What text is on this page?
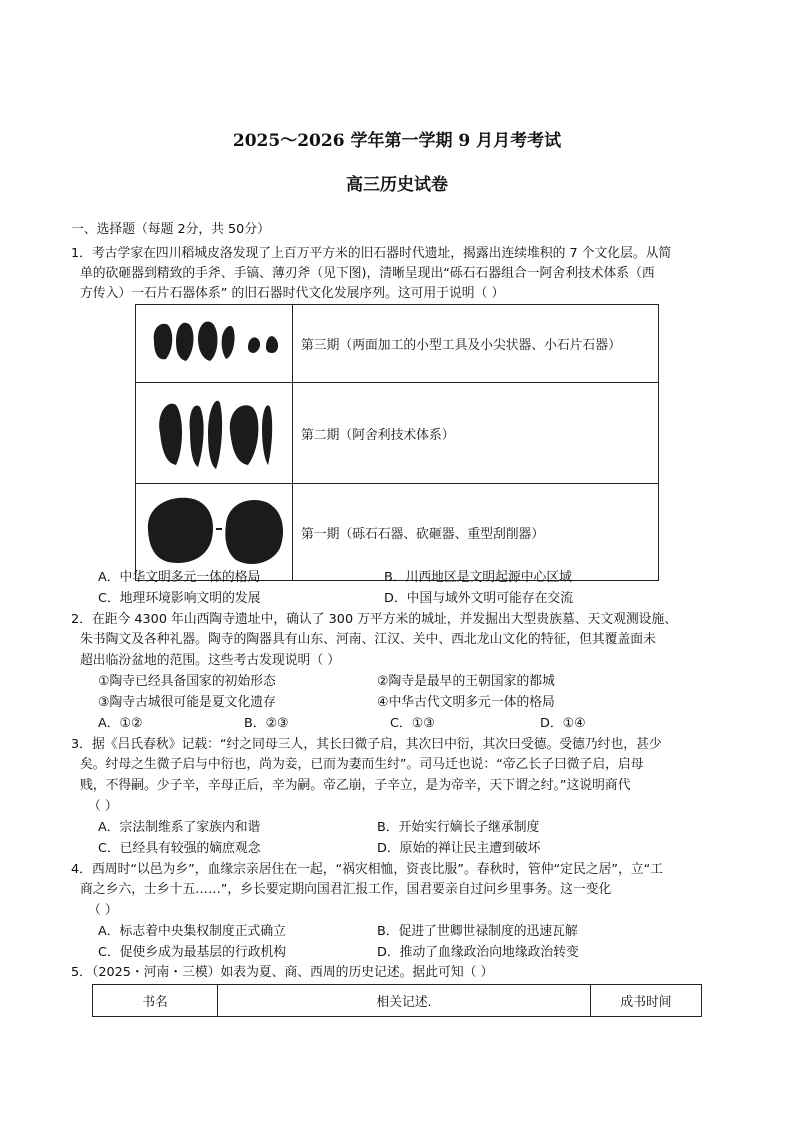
2025～2026 学年第一学期 9 月月考考试
高三历史试卷
一、选择题（每题 2分，共 50分）
1．考古学家在四川稻城皮洛发现了上百万平方米的旧石器时代遗址，揭露出连续堆积的 7 个文化层。从简
单的砍砸器到精致的手斧、手镐、薄刃斧（见下图)，清晰呈现出“砾石石器组合一阿舍利技术体系（西
方传入）一石片石器体系” 的旧石器时代文化发展序列。这可用于说明（ ）
	第三期（两面加工的小型工具及小尖状器、小石片石器）
	第二期（阿舍利技术体系）
	第一期（砾石石器、砍砸器、重型刮削器）
A．中华文明多元一体的格局	B．川西地区是文明起源中心区域
C．地理环境影响文明的发展	D．中国与域外文明可能存在交流
2．在距今 4300 年山西陶寺遗址中，确认了 300 万平方米的城址，并发掘出大型贵族墓、天文观测设施、
朱书陶文及各种礼器。陶寺的陶器具有山东、河南、江汉、关中、西北龙山文化的特征，但其覆盖面未
超出临汾盆地的范围。这些考古发现说明（ ）
①陶寺已经具备国家的初始形态	②陶寺是最早的王朝国家的都城
③陶寺古城很可能是夏文化遗存	④中华古代文明多元一体的格局
A．①②	B．②③	C．①③	D．①④
3．据《吕氏春秋》记载：“纣之同母三人，其长曰微子启，其次曰中衍，其次曰受德。受德乃纣也，甚少
矣。纣母之生微子启与中衍也，尚为妾，已而为妻而生纣”。司马迁也说：“帝乙长子曰微子启，启母
贱，不得嗣。少子辛，辛母正后，辛为嗣。帝乙崩，子辛立，是为帝辛，天下谓之纣。”这说明商代
（ ）
A．宗法制维系了家族内和谐	B．开始实行嫡长子继承制度
C．已经具有较强的嫡庶观念	D．原始的禅让民主遭到破坏
4．西周时“以邑为乡”，血缘宗亲居住在一起，“祸灾相恤，资丧比服”。春秋时，管仲“定民之居”，立“工
商之乡六，士乡十五……”，乡长要定期向国君汇报工作，国君要亲自过问乡里事务。这一变化
（ ）
A．标志着中央集权制度正式确立	B．促进了世卿世禄制度的迅速瓦解
C．促使乡成为最基层的行政机构	D．推动了血缘政治向地缘政治转变
5．（2025・河南・三模）如表为夏、商、西周的历史记述。据此可知（ ）
书名	相关记述.	成书时间
